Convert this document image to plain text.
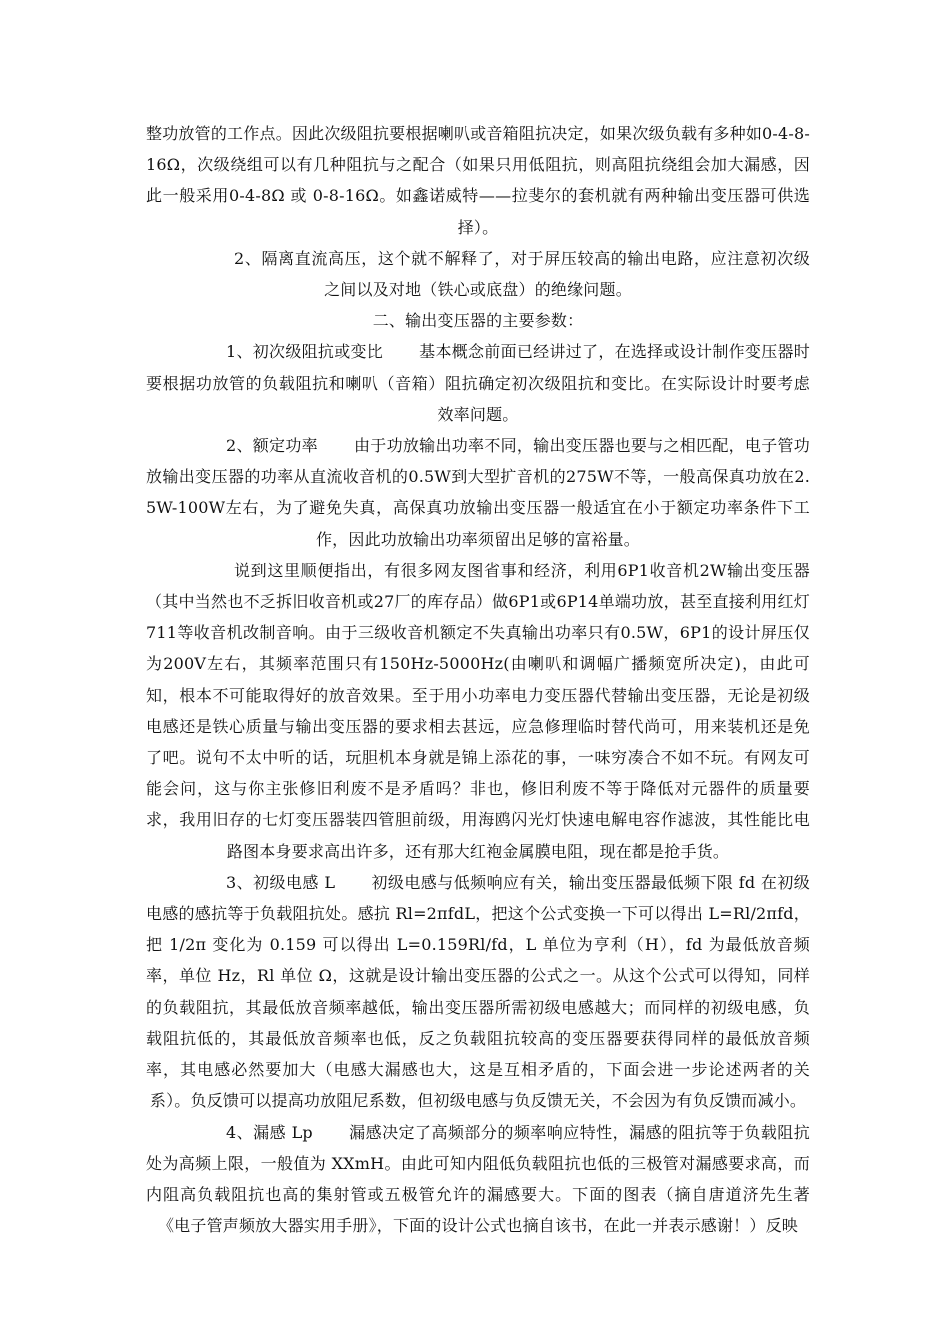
整功放管的工作点。因此次级阻抗要根据喇叭或音箱阻抗决定，如果次级负载有多种如0-4-8-16Ω，次级绕组可以有几种阻抗与之配合（如果只用低阻抗，则高阻抗绕组会加大漏感，因此一般采用0-4-8Ω 或 0-8-16Ω。如鑫诺威特——拉斐尔的套机就有两种输出变压器可供选择）。

2、隔离直流高压，这个就不解释了，对于屏压较高的输出电路，应注意初次级之间以及对地（铁心或底盘）的绝缘问题。

二、输出变压器的主要参数：

1、初次级阻抗或变比 基本概念前面已经讲过了，在选择或设计制作变压器时要根据功放管的负载阻抗和喇叭（音箱）阻抗确定初次级阻抗和变比。在实际设计时要考虑效率问题。

2、额定功率 由于功放输出功率不同，输出变压器也要与之相匹配，电子管功放输出变压器的功率从直流收音机的0.5W到大型扩音机的275W不等，一般高保真功放在2.5W-100W左右，为了避免失真，高保真功放输出变压器一般适宜在小于额定功率条件下工作，因此功放输出功率须留出足够的富裕量。

说到这里顺便指出，有很多网友图省事和经济，利用6P1收音机2W输出变压器（其中当然也不乏拆旧收音机或27厂的库存品）做6P1或6P14单端功放，甚至直接利用红灯711等收音机改制音响。由于三级收音机额定不失真输出功率只有0.5W，6P1的设计屏压仅为200V左右，其频率范围只有150Hz-5000Hz(由喇叭和调幅广播频宽所决定)，由此可知，根本不可能取得好的放音效果。至于用小功率电力变压器代替输出变压器，无论是初级电感还是铁心质量与输出变压器的要求相去甚远，应急修理临时替代尚可，用来装机还是免了吧。说句不太中听的话，玩胆机本身就是锦上添花的事，一味穷凑合不如不玩。有网友可能会问，这与你主张修旧利废不是矛盾吗？非也，修旧利废不等于降低对元器件的质量要求，我用旧存的七灯变压器装四管胆前级，用海鸥闪光灯快速电解电容作滤波，其性能比电路图本身要求高出许多，还有那大红袍金属膜电阻，现在都是抢手货。

3、初级电感 L 初级电感与低频响应有关，输出变压器最低频下限 fd 在初级电感的感抗等于负载阻抗处。感抗 Rl=2πfdL，把这个公式变换一下可以得出 L=Rl/2πfd，把 1/2π 变化为 0.159 可以得出 L=0.159Rl/fd，L 单位为亨利（H），fd 为最低放音频率，单位 Hz，Rl 单位 Ω，这就是设计输出变压器的公式之一。从这个公式可以得知，同样的负载阻抗，其最低放音频率越低，输出变压器所需初级电感越大；而同样的初级电感，负载阻抗低的，其最低放音频率也低，反之负载阻抗较高的变压器要获得同样的最低放音频率，其电感必然要加大（电感大漏感也大，这是互相矛盾的，下面会进一步论述两者的关系）。负反馈可以提高功放阻尼系数，但初级电感与负反馈无关，不会因为有负反馈而减小。

4、漏感 Lp 漏感决定了高频部分的频率响应特性，漏感的阻抗等于负载阻抗处为高频上限，一般值为 XXmH。由此可知内阻低负载阻抗也低的三极管对漏感要求高，而内阻高负载阻抗也高的集射管或五极管允许的漏感要大。下面的图表（摘自唐道济先生著《电子管声频放大器实用手册》，下面的设计公式也摘自该书，在此一并表示感谢！）反映
